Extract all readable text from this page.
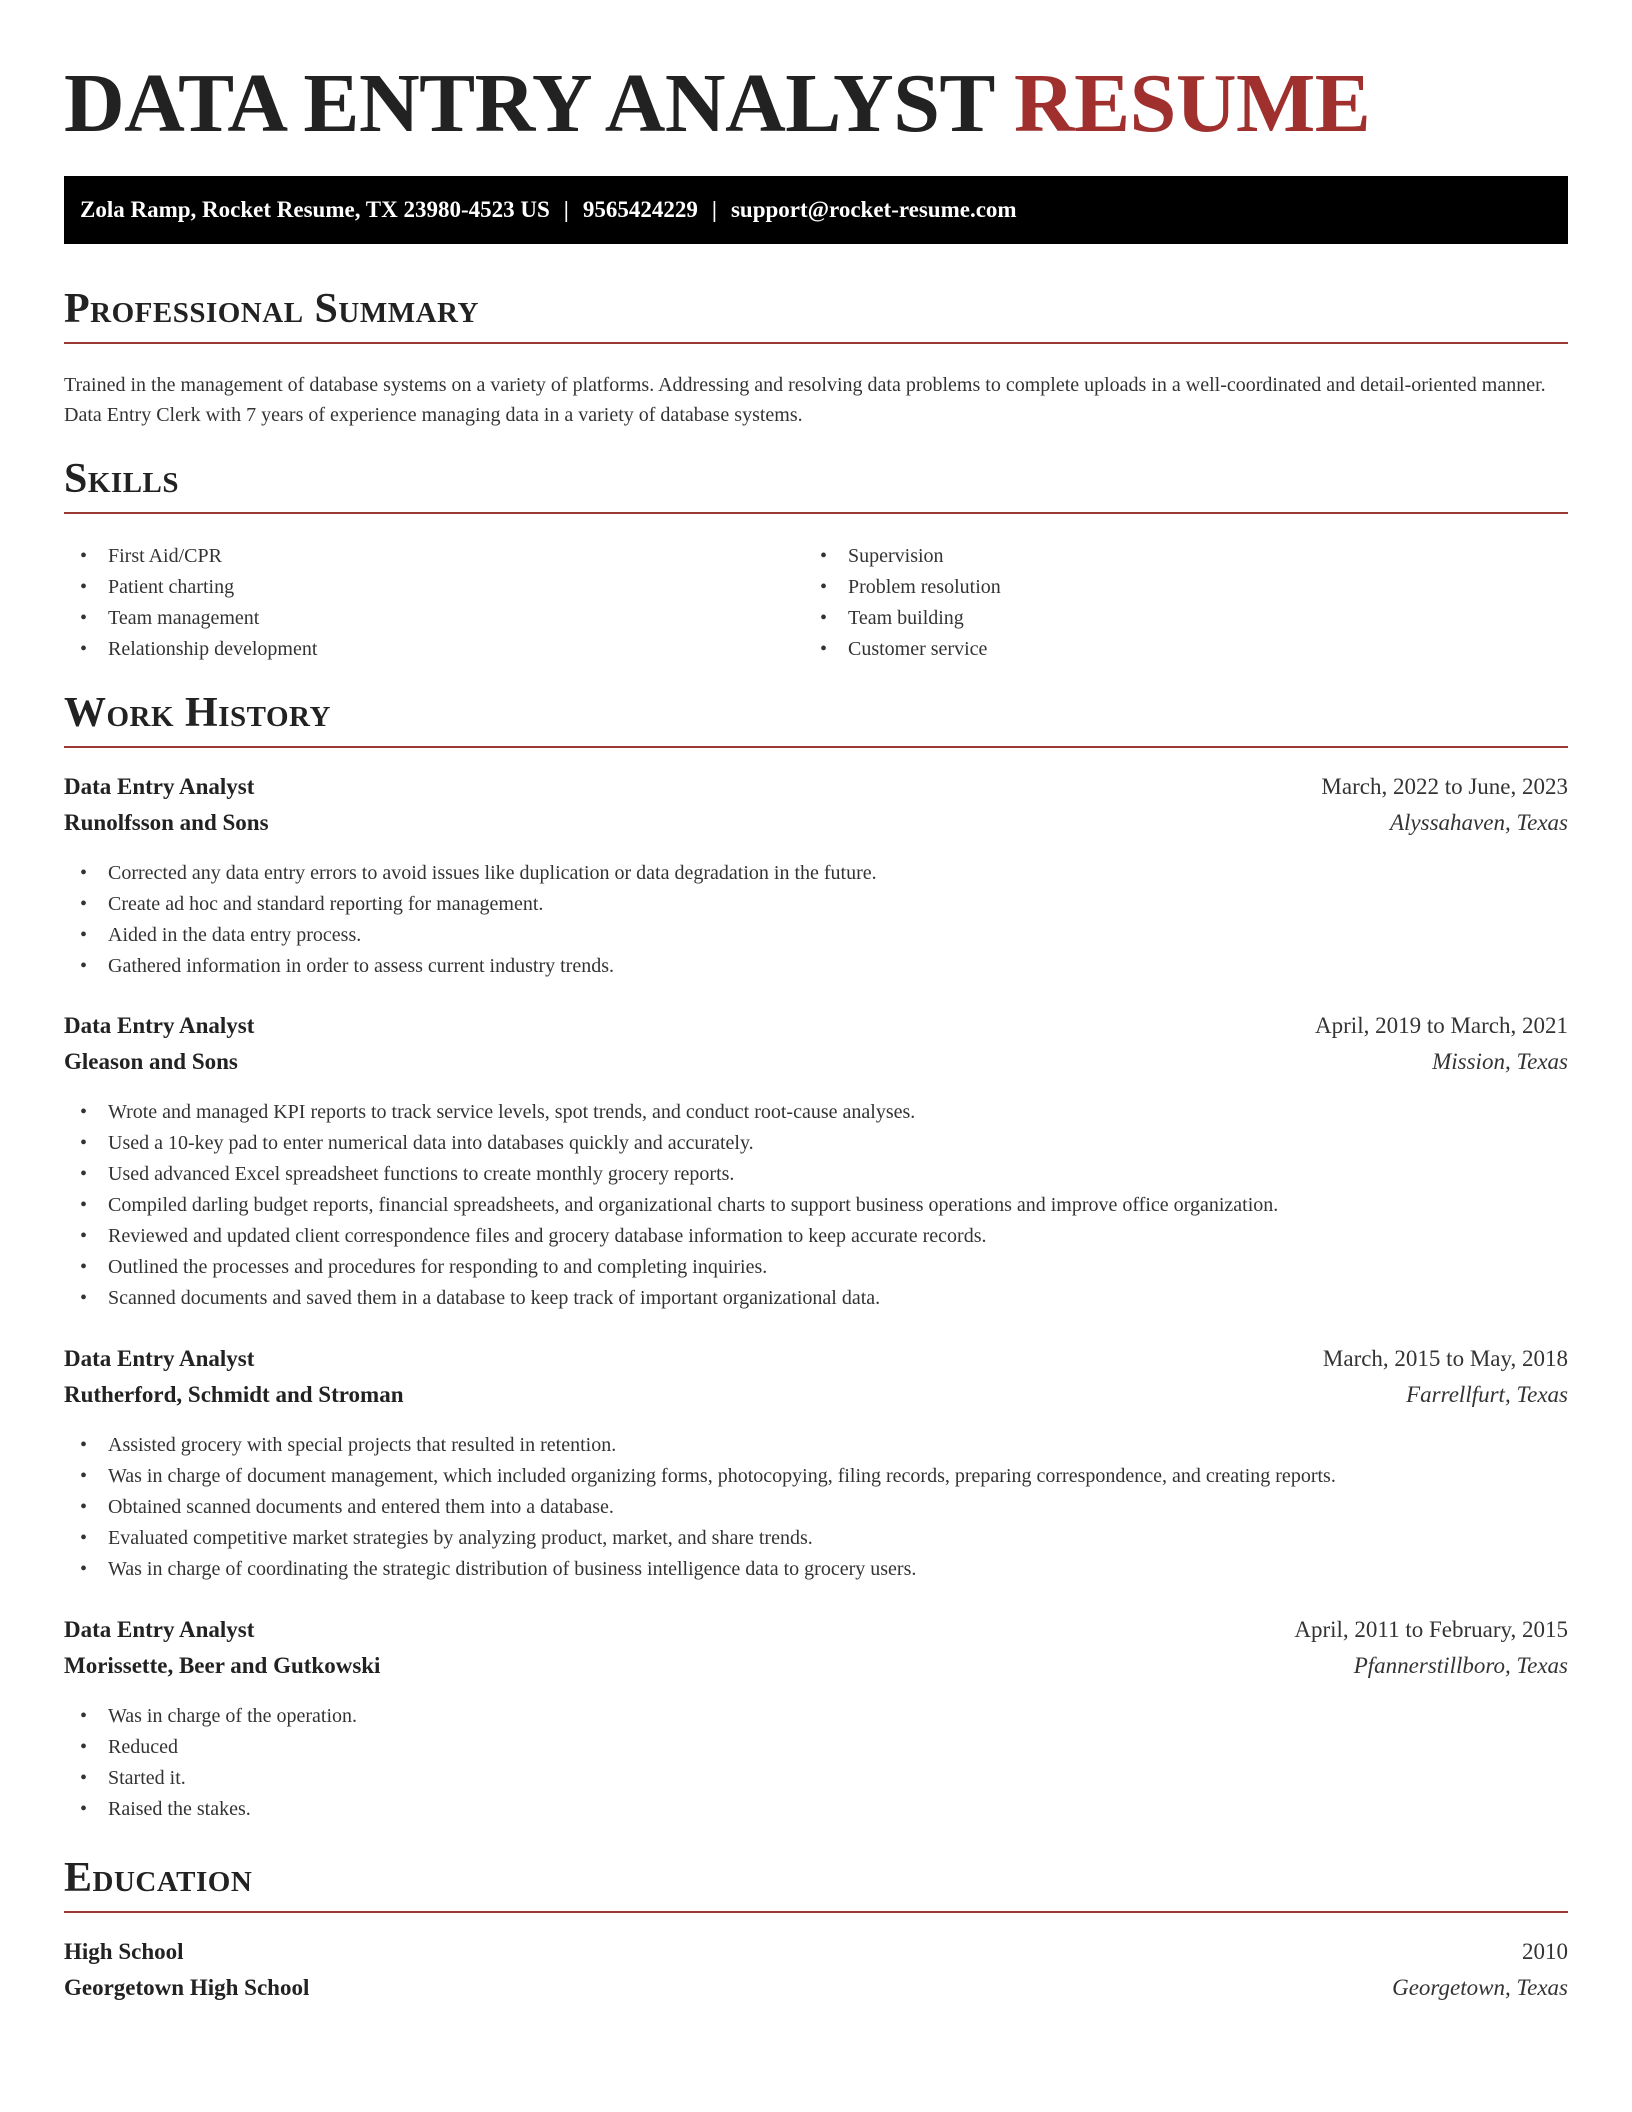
DATA ENTRY ANALYST RESUME
Zola Ramp, Rocket Resume, TX 23980-4523 US | 9565424229 | support@rocket-resume.com
Professional Summary

Trained in the management of database systems on a variety of platforms. Addressing and resolving data problems to complete uploads in a well-coordinated and detail-oriented manner. Data Entry Clerk with 7 years of experience managing data in a variety of database systems.

Skills
• First Aid/CPR
• Patient charting
• Team management
• Relationship development
• Supervision
• Problem resolution
• Team building
• Customer service
Work History
Data Entry Analyst	March, 2022 to June, 2023
Runolfsson and Sons	Alyssahaven, Texas
• Corrected any data entry errors to avoid issues like duplication or data degradation in the future.
• Create ad hoc and standard reporting for management.
• Aided in the data entry process.
• Gathered information in order to assess current industry trends.
Data Entry Analyst	April, 2019 to March, 2021
Gleason and Sons	Mission, Texas
• Wrote and managed KPI reports to track service levels, spot trends, and conduct root-cause analyses.
• Used a 10-key pad to enter numerical data into databases quickly and accurately.
• Used advanced Excel spreadsheet functions to create monthly grocery reports.
• Compiled darling budget reports, financial spreadsheets, and organizational charts to support business operations and improve office organization.
• Reviewed and updated client correspondence files and grocery database information to keep accurate records.
• Outlined the processes and procedures for responding to and completing inquiries.
• Scanned documents and saved them in a database to keep track of important organizational data.
Data Entry Analyst	March, 2015 to May, 2018
Rutherford, Schmidt and Stroman	Farrellfurt, Texas
• Assisted grocery with special projects that resulted in retention.
• Was in charge of document management, which included organizing forms, photocopying, filing records, preparing correspondence, and creating reports.
• Obtained scanned documents and entered them into a database.
• Evaluated competitive market strategies by analyzing product, market, and share trends.
• Was in charge of coordinating the strategic distribution of business intelligence data to grocery users.
Data Entry Analyst	April, 2011 to February, 2015
Morissette, Beer and Gutkowski	Pfannerstillboro, Texas
• Was in charge of the operation.
• Reduced
• Started it.
• Raised the stakes.
Education
High School	2010
Georgetown High School	Georgetown, Texas
